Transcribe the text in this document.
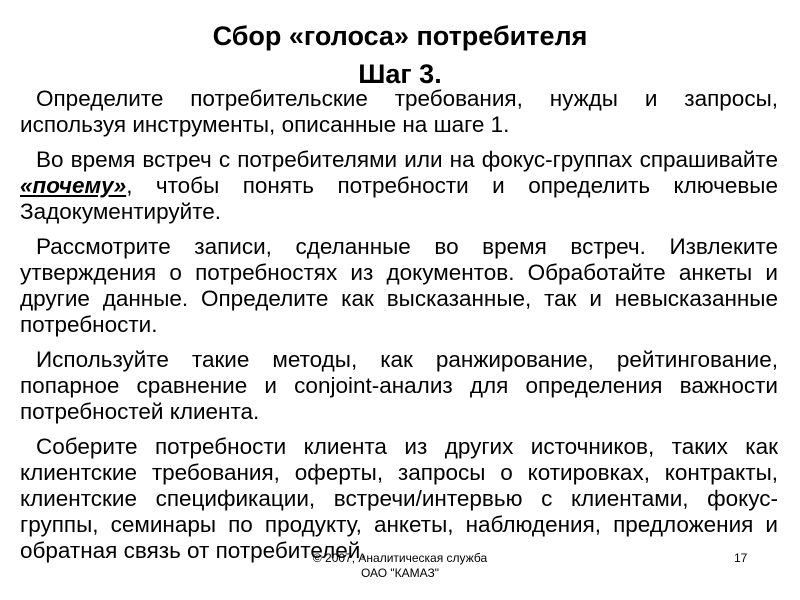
Сбор «голоса» потребителя
Шаг 3.

Определите потребительские требования, нужды и запросы, используя инструменты, описанные на шаге 1.

Во время встреч с потребителями или на фокус-группах спрашивайте «почему», чтобы понять потребности и определить ключевые Задокументируйте.

Рассмотрите записи, сделанные во время встреч. Извлеките утверждения о потребностях из документов. Обработайте анкеты и другие данные. Определите как высказанные, так и невысказанные потребности.

Используйте такие методы, как ранжирование, рейтингование, попарное сравнение и conjoint-анализ для определения важности потребностей клиента.

Соберите потребности клиента из других источников, таких как клиентские требования, оферты, запросы о котировках, контракты, клиентские спецификации, встречи/интервью с клиентами, фокус-группы, семинары по продукту, анкеты, наблюдения, предложения и обратная связь от потребителей.

© 2007, Аналитическая служба
ОАО "КАМАЗ"
17
